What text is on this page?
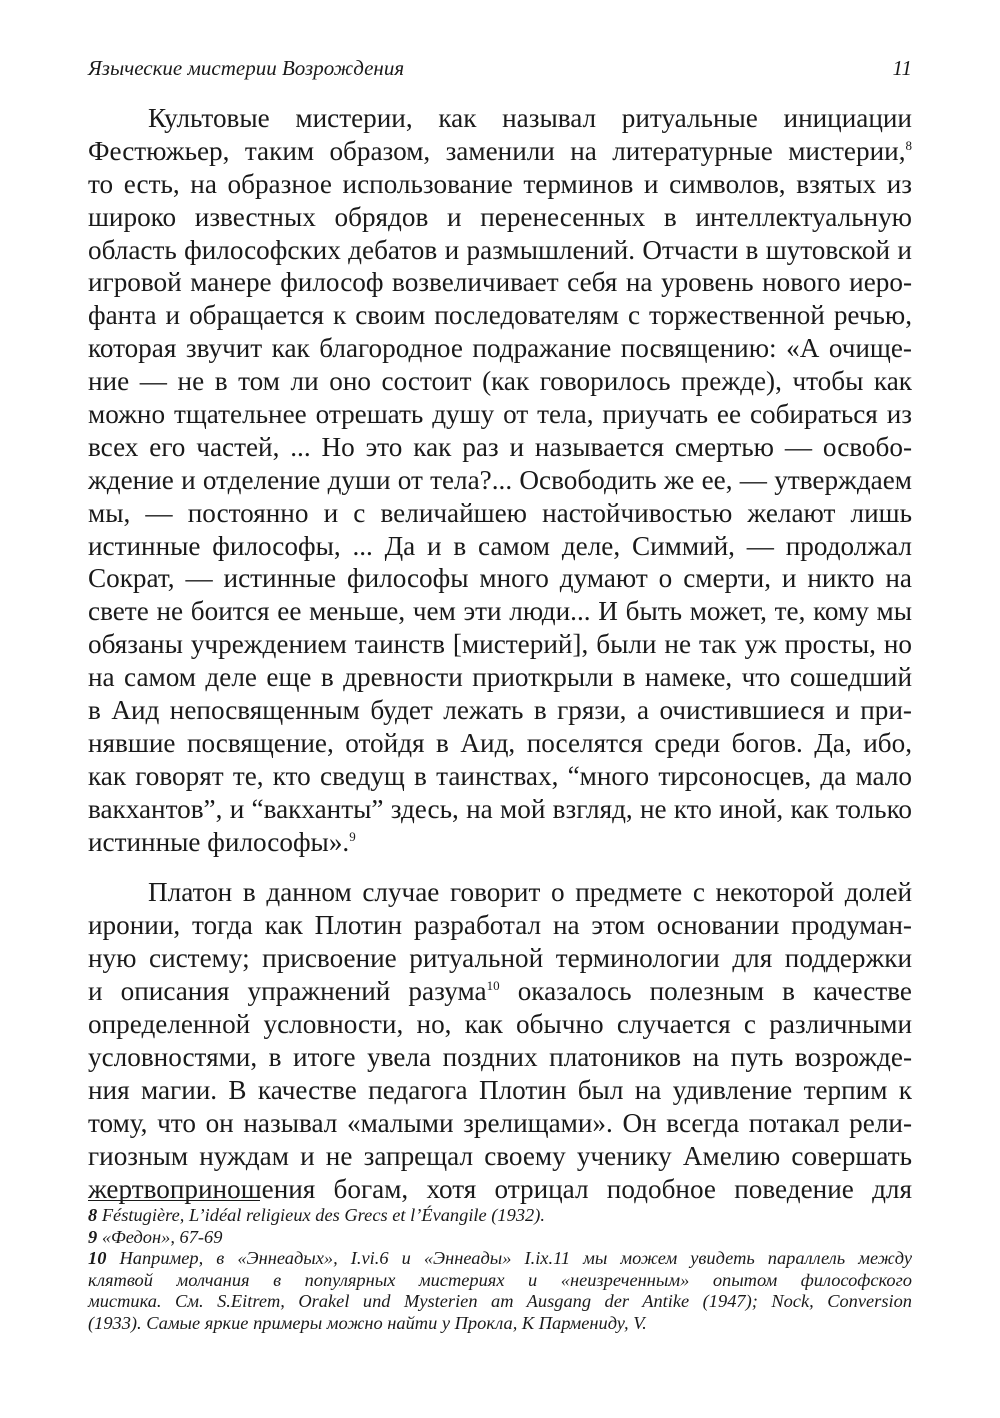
Языческие мистерии Возрождения	11
Культовые мистерии, как называл ритуальные инициации
Фестюжьер, таким образом, заменили на литературные мистерии,$^8$
то есть, на образное использование терминов и символов, взятых из
широко известных обрядов и перенесенных в интеллектуальную
область философских дебатов и размышлений. Отчасти в шутовской и
игровой манере философ возвеличивает себя на уровень нового иеро-
фанта и обращается к своим последователям с торжественной речью,
которая звучит как благородное подражание посвящению: «А очище-
ние — не в том ли оно состоит (как говорилось прежде), чтобы как
можно тщательнее отрешать душу от тела, приучать ее собираться из
всех его частей, ... Но это как раз и называется смертью — освобо-
ждение и отделение души от тела?... Освободить же ее, — утверждаем
мы, — постоянно и с величайшею настойчивостью желают лишь
истинные философы, ... Да и в самом деле, Симмий, — продолжал
Сократ, — истинные философы много думают о смерти, и никто на
свете не боится ее меньше, чем эти люди... И быть может, те, кому мы
обязаны учреждением таинств [мистерий], были не так уж просты, но
на самом деле еще в древности приоткрыли в намеке, что сошедший
в Аид непосвященным будет лежать в грязи, а очистившиеся и при-
нявшие посвящение, отойдя в Аид, поселятся среди богов. Да, ибо,
как говорят те, кто сведущ в таинствах, “много тирсоносцев, да мало
вакхантов”, и “вакханты” здесь, на мой взгляд, не кто иной, как только
истинные философы».$^9$
Платон в данном случае говорит о предмете с некоторой долей
иронии, тогда как Плотин разработал на этом основании продуман-
ную систему; присвоение ритуальной терминологии для поддержки
и описания упражнений разума$^{10}$ оказалось полезным в качестве
определенной условности, но, как обычно случается с различными
условностями, в итоге увела поздних платоников на путь возрожде-
ния магии. В качестве педагога Плотин был на удивление терпим к
тому, что он называл «малыми зрелищами». Он всегда потакал рели-
гиозным нуждам и не запрещал своему ученику Амелию совершать
жертвоприношения богам, хотя отрицал подобное поведение для
8 Féstugière, L’idéal religieux des Grecs et l’Évangile (1932).
9 «Федон», 67-69
10 Например, в «Эннеадых», I.vi.6 и «Эннеады» I.ix.11 мы можем увидеть параллель между
клятвой молчания в популярных мистериях и «неизреченным» опытом философского
мистика. См. S.Eitrem, Orakel und Mysterien am Ausgang der Antike (1947); Nock, Conversion
(1933). Самые яркие примеры можно найти у Прокла, К Пармениду, V.
